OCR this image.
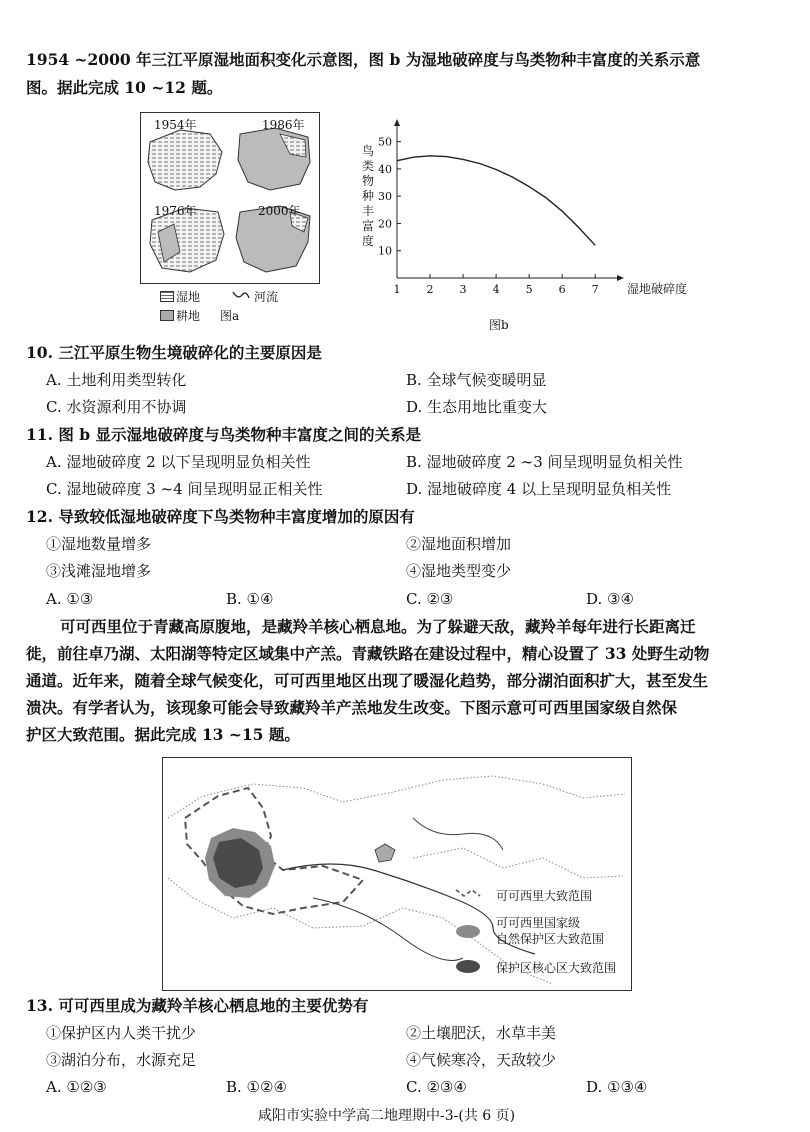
1954 ~2000 年三江平原湿地面积变化示意图，图 b 为湿地破碎度与鸟类物种丰富度的关系示意
图。据此完成 10 ~12 题。
1954年	1986年
1976年	2000年
湿地	河流
耕地 图a
10
20
30
40
50
1 2 3 4 5 6 7 湿地破碎度
图b
鸟类物种丰富度
10. 三江平原生物生境破碎化的主要原因是
A. 土地利用类型转化	B. 全球气候变暖明显
C. 水资源利用不协调	D. 生态用地比重变大
11. 图 b 显示湿地破碎度与鸟类物种丰富度之间的关系是
A. 湿地破碎度 2 以下呈现明显负相关性	B. 湿地破碎度 2 ~3 间呈现明显负相关性
C. 湿地破碎度 3 ~4 间呈现明显正相关性	D. 湿地破碎度 4 以上呈现明显负相关性
12. 导致较低湿地破碎度下鸟类物种丰富度增加的原因有
①湿地数量增多	②湿地面积增加
③浅滩湿地增多	④湿地类型变少
A. ①③	B. ①④	C. ②③	D. ③④
可可西里位于青藏高原腹地，是藏羚羊核心栖息地。为了躲避天敌，藏羚羊每年进行长距离迁
徙，前往卓乃湖、太阳湖等特定区域集中产羔。青藏铁路在建设过程中，精心设置了 33 处野生动物
通道。近年来，随着全球气候变化，可可西里地区出现了暖湿化趋势，部分湖泊面积扩大，甚至发生
溃决。有学者认为，该现象可能会导致藏羚羊产羔地发生改变。下图示意可可西里国家级自然保
护区大致范围。据此完成 13 ~15 题。
可可西里大致范围
可可西里国家级
自然保护区大致范围
保护区核心区大致范围
13. 可可西里成为藏羚羊核心栖息地的主要优势有
①保护区内人类干扰少	②土壤肥沃，水草丰美
③湖泊分布，水源充足	④气候寒冷，天敌较少
A. ①②③	B. ①②④	C. ②③④	D. ①③④
咸阳市实验中学高二地理期中-3-(共 6 页)
